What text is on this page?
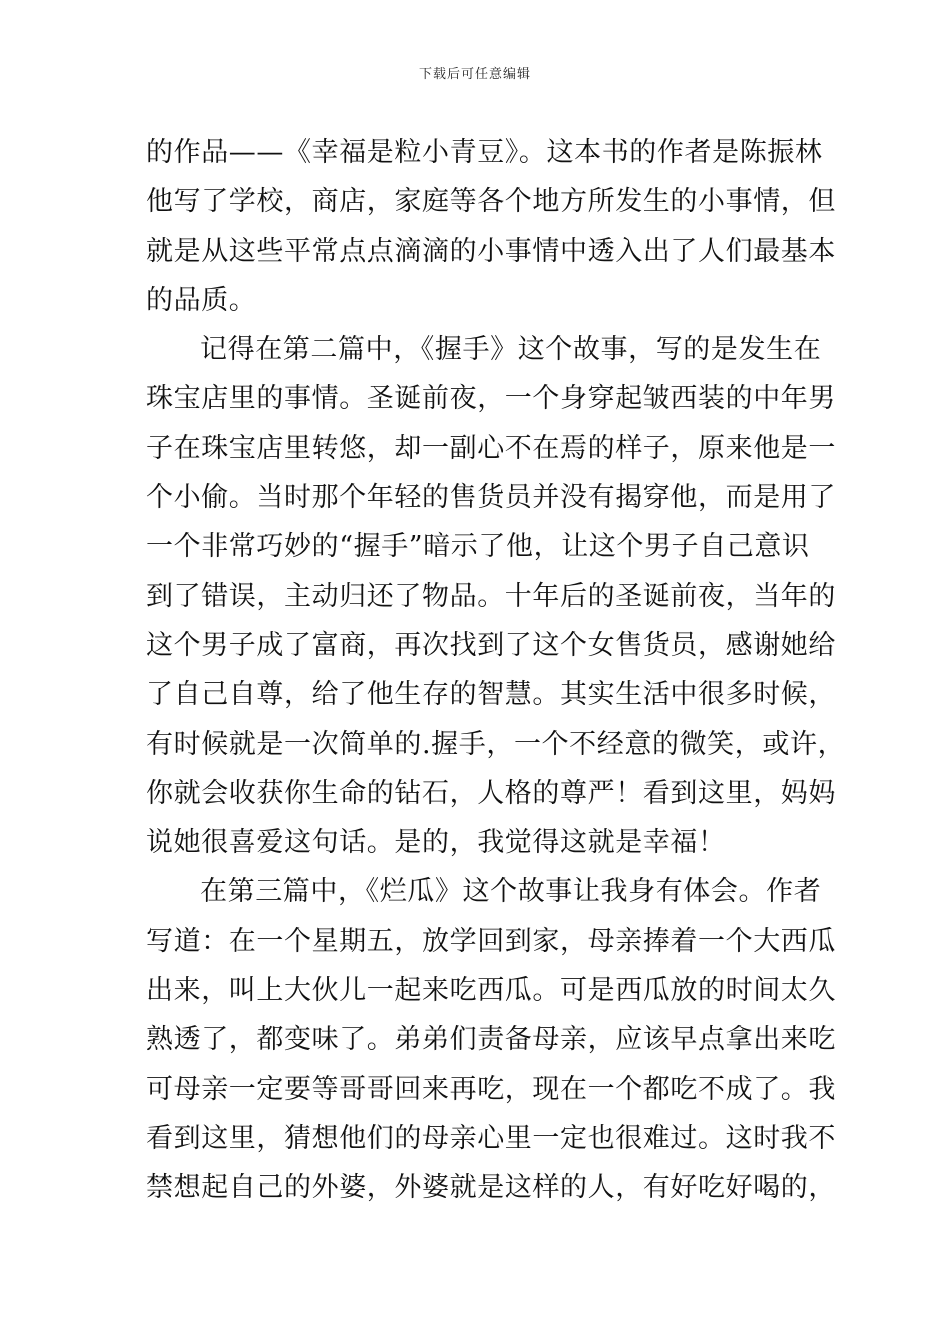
下载后可任意编辑
的作品——《幸福是粒小青豆》。这本书的作者是陈振林
他写了学校，商店，家庭等各个地方所发生的小事情，但
就是从这些平常点点滴滴的小事情中透入出了人们最基本
的品质。
记得在第二篇中，《握手》这个故事，写的是发生在
珠宝店里的事情。圣诞前夜，一个身穿起皱西装的中年男
子在珠宝店里转悠，却一副心不在焉的样子，原来他是一
个小偷。当时那个年轻的售货员并没有揭穿他，而是用了
一个非常巧妙的“握手”暗示了他，让这个男子自己意识
到了错误，主动归还了物品。十年后的圣诞前夜，当年的
这个男子成了富商，再次找到了这个女售货员，感谢她给
了自己自尊，给了他生存的智慧。其实生活中很多时候，
有时候就是一次简单的.握手，一个不经意的微笑，或许，
你就会收获你生命的钻石，人格的尊严！看到这里，妈妈
说她很喜爱这句话。是的，我觉得这就是幸福！
在第三篇中，《烂瓜》这个故事让我身有体会。作者
写道：在一个星期五，放学回到家，母亲捧着一个大西瓜
出来，叫上大伙儿一起来吃西瓜。可是西瓜放的时间太久
熟透了，都变味了。弟弟们责备母亲，应该早点拿出来吃
可母亲一定要等哥哥回来再吃，现在一个都吃不成了。我
看到这里，猜想他们的母亲心里一定也很难过。这时我不
禁想起自己的外婆，外婆就是这样的人，有好吃好喝的，
